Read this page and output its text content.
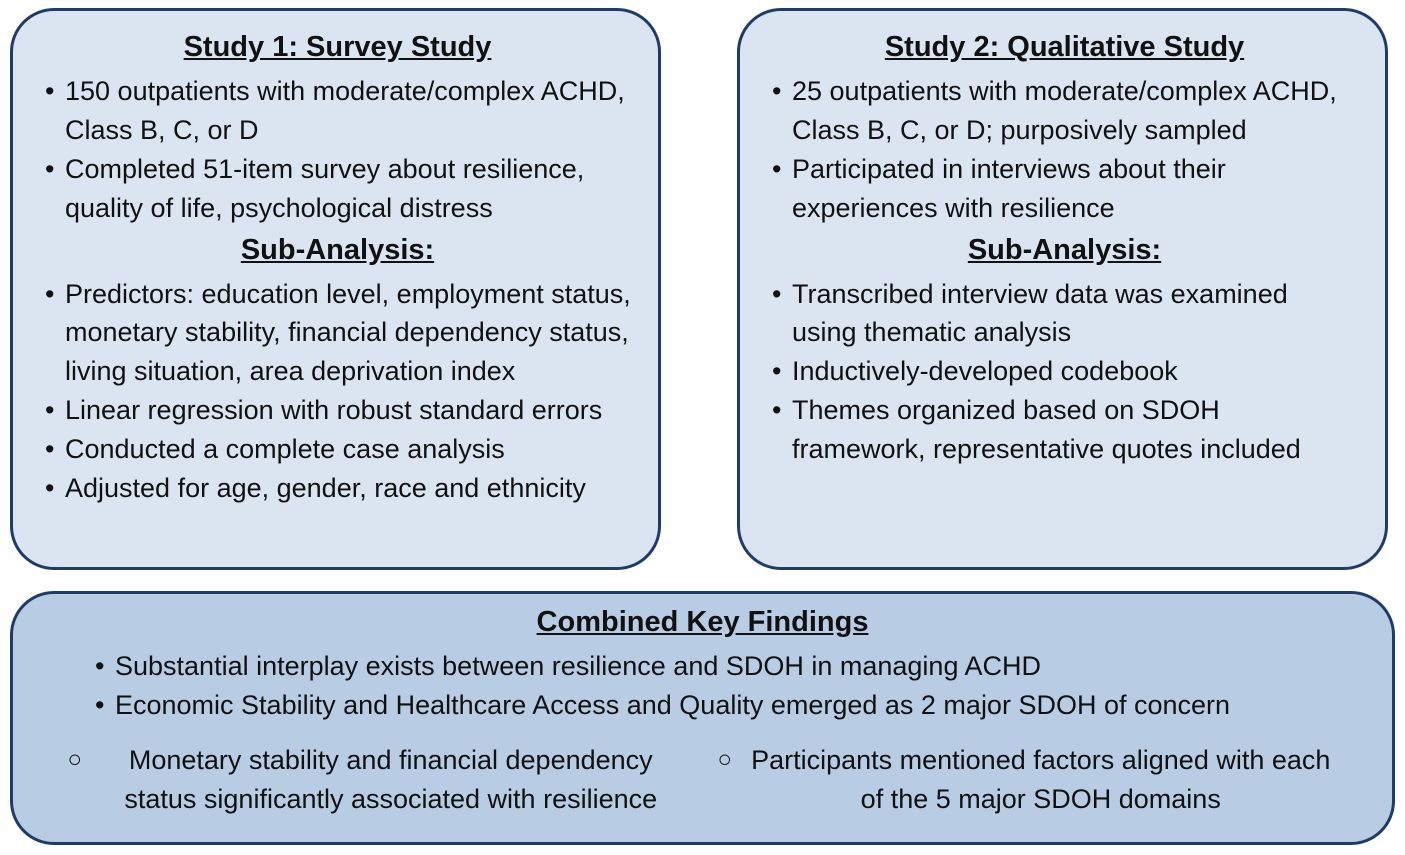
Study 1: Survey Study
• 150 outpatients with moderate/complex ACHD, Class B, C, or D
• Completed 51-item survey about resilience, quality of life, psychological distress
Sub-Analysis:
• Predictors: education level, employment status, monetary stability, financial dependency status, living situation, area deprivation index
• Linear regression with robust standard errors
• Conducted a complete case analysis
• Adjusted for age, gender, race and ethnicity
Study 2: Qualitative Study
• 25 outpatients with moderate/complex ACHD, Class B, C, or D; purposively sampled
• Participated in interviews about their experiences with resilience
Sub-Analysis:
• Transcribed interview data was examined using thematic analysis
• Inductively-developed codebook
• Themes organized based on SDOH framework, representative quotes included
Combined Key Findings
• Substantial interplay exists between resilience and SDOH in managing ACHD
• Economic Stability and Healthcare Access and Quality emerged as 2 major SDOH of concern
○	Monetary stability and financial dependency status significantly associated with resilience
○ Participants mentioned factors aligned with each of the 5 major SDOH domains
